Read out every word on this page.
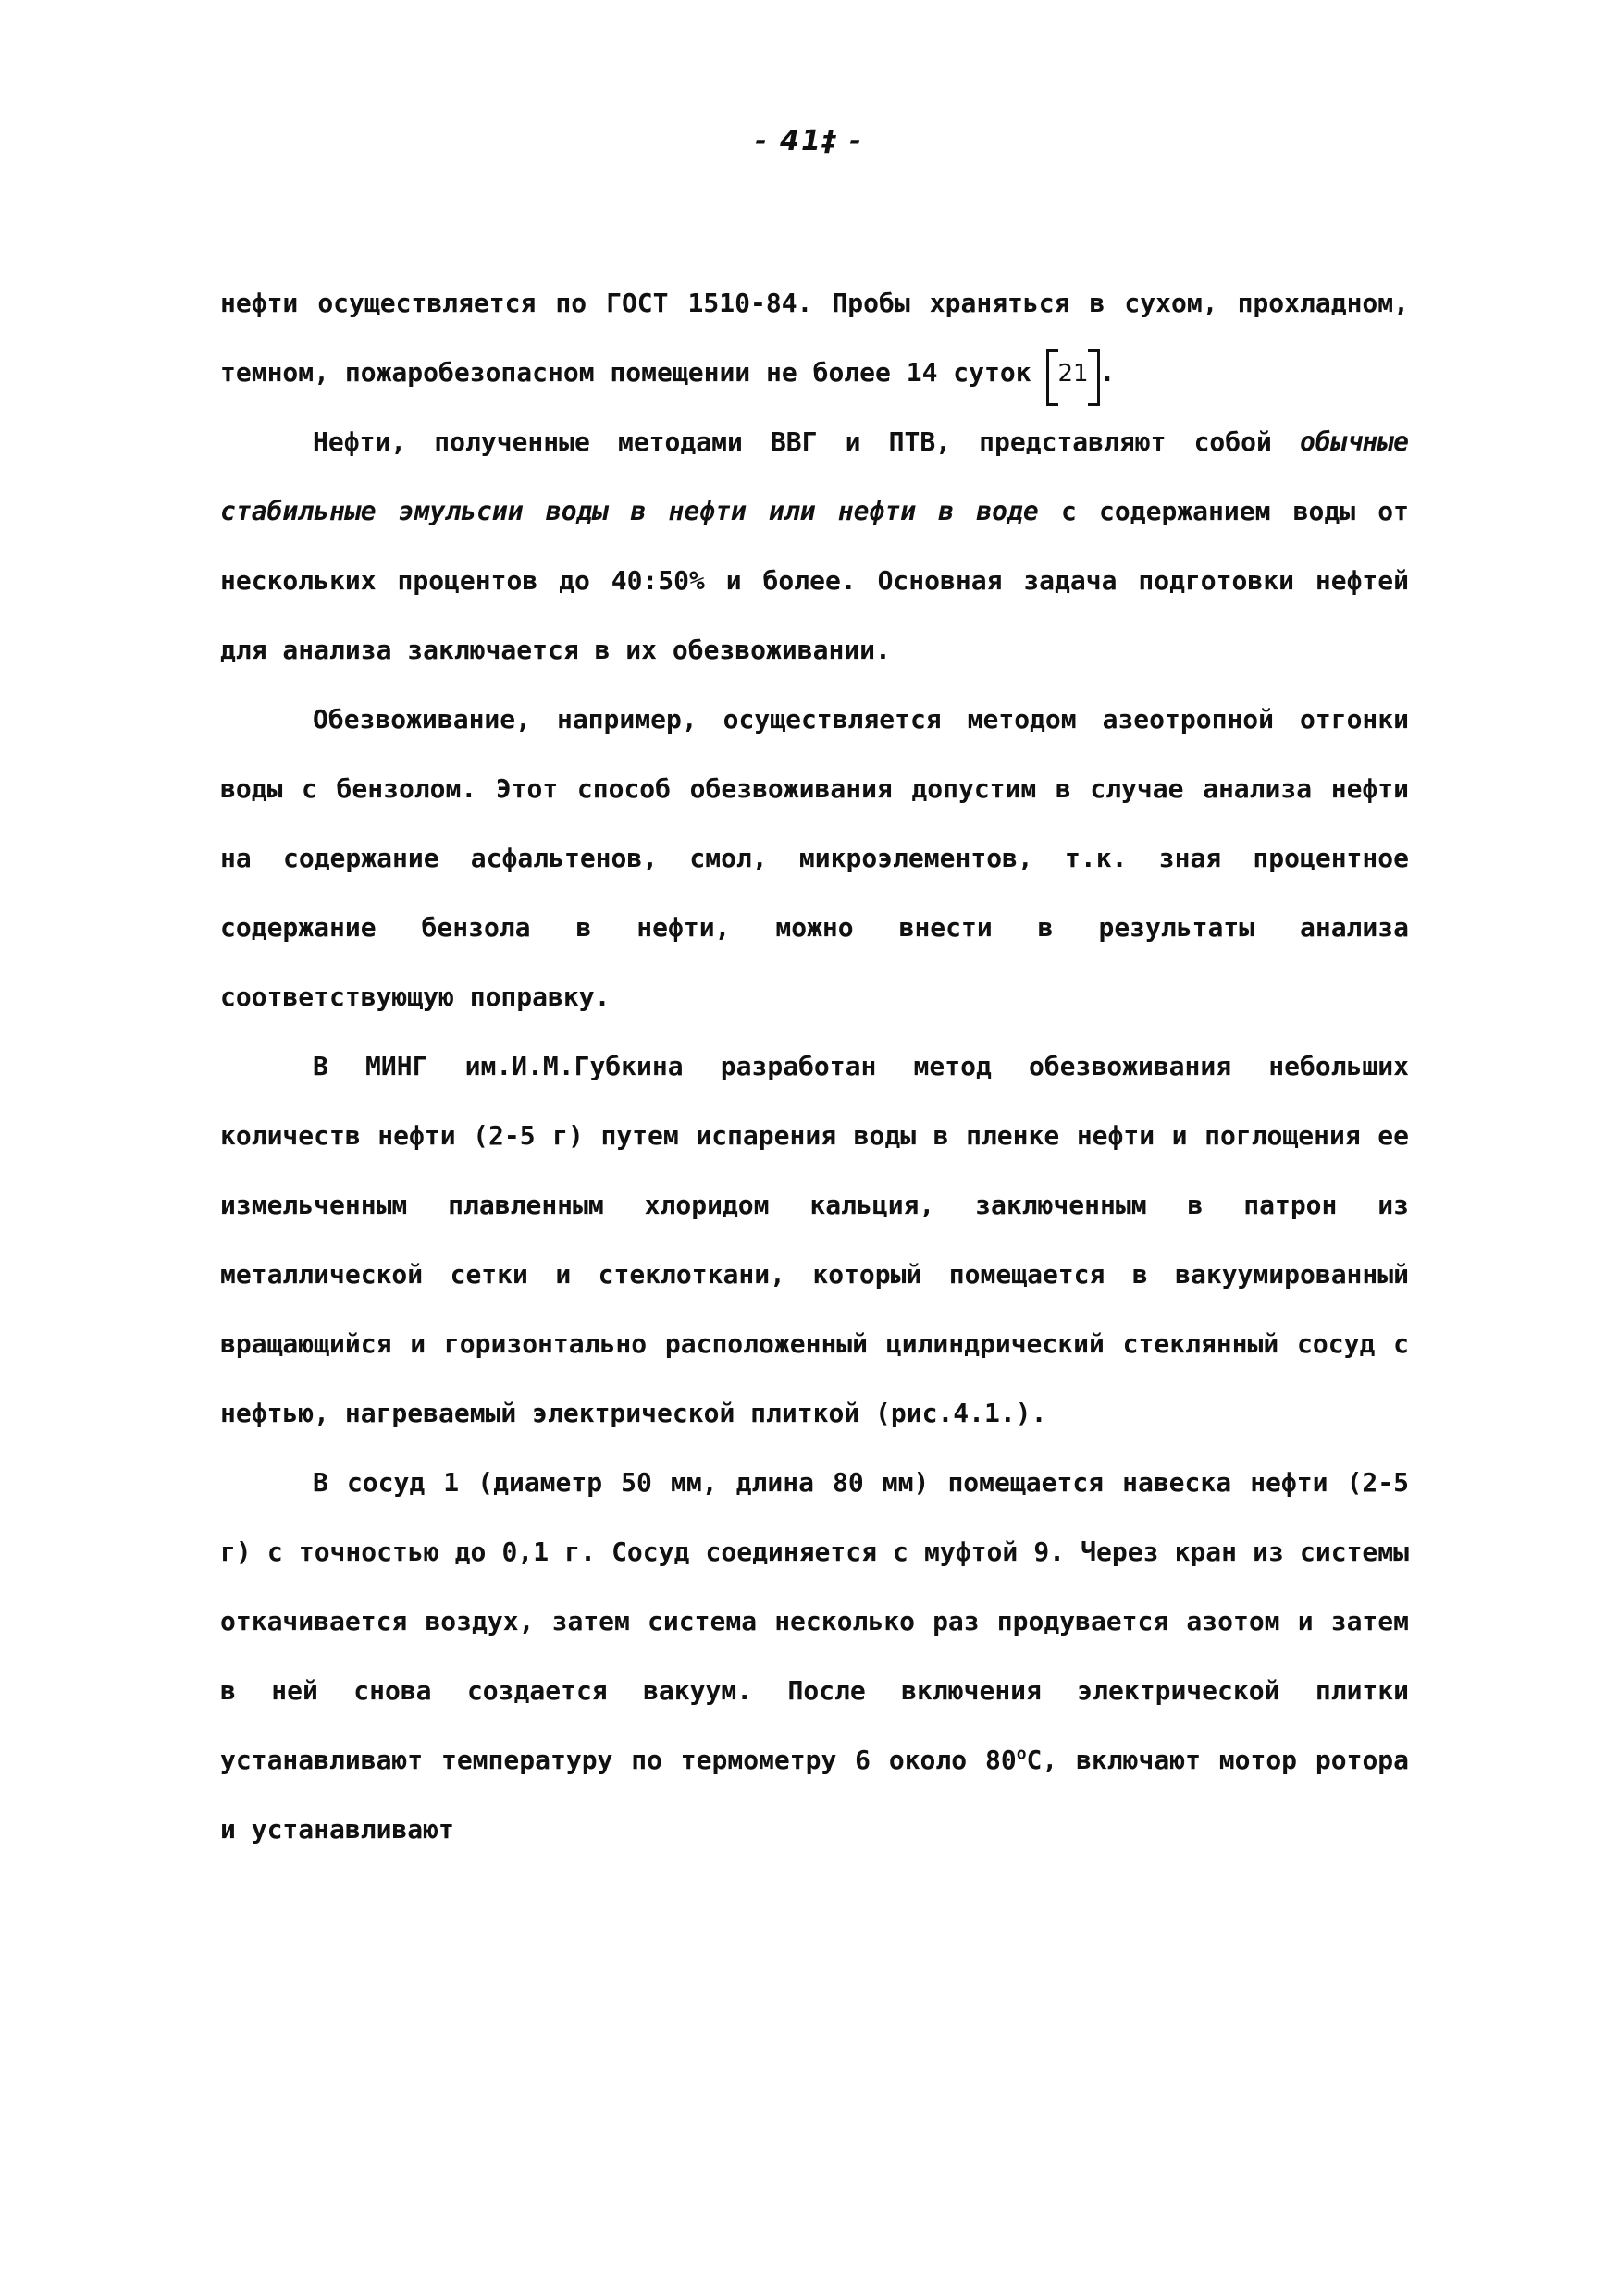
- 41‡ -

нефти осуществляется по ГОСТ 1510-84. Пробы храняться в сухом, прохладном, темном, пожаробезопасном помещении не более 14 суток 21 .

Нефти, полученные методами ВВГ и ПТВ, представляют собой обычные стабильные эмульсии воды в нефти или нефти в воде с содержанием воды от нескольких процентов до 40:50% и более. Основная задача подготовки нефтей для анализа заключается в их обезвоживании.

Обезвоживание, например, осуществляется методом азеотропной отгонки воды с бензолом. Этот способ обезвоживания допустим в случае анализа нефти на содержание асфальтенов, смол, микроэлементов, т.к. зная процентное содержание бензола в нефти, можно внести в результаты анализа соответствующую поправку.

В МИНГ им.И.М.Губкина разработан метод обезвоживания небольших количеств нефти (2-5 г) путем испарения воды в пленке нефти и поглощения ее измельченным плавленным хлоридом кальция, заключенным в патрон из металлической сетки и стеклоткани, который помещается в вакуумированный вращающийся и горизонтально расположенный цилиндрический стеклянный сосуд с нефтью, нагреваемый электрической плиткой (рис.4.1.).

В сосуд 1 (диаметр 50 мм, длина 80 мм) помещается навеска нефти (2-5 г) с точностью до 0,1 г. Сосуд соединяется с муфтой 9. Через кран из системы откачивается воздух, затем система несколько раз продувается азотом и затем в ней снова создается вакуум. После включения электрической плитки устанавливают температуру по термометру 6 около 80$^o$С, включают мотор ротора и устанавливают
